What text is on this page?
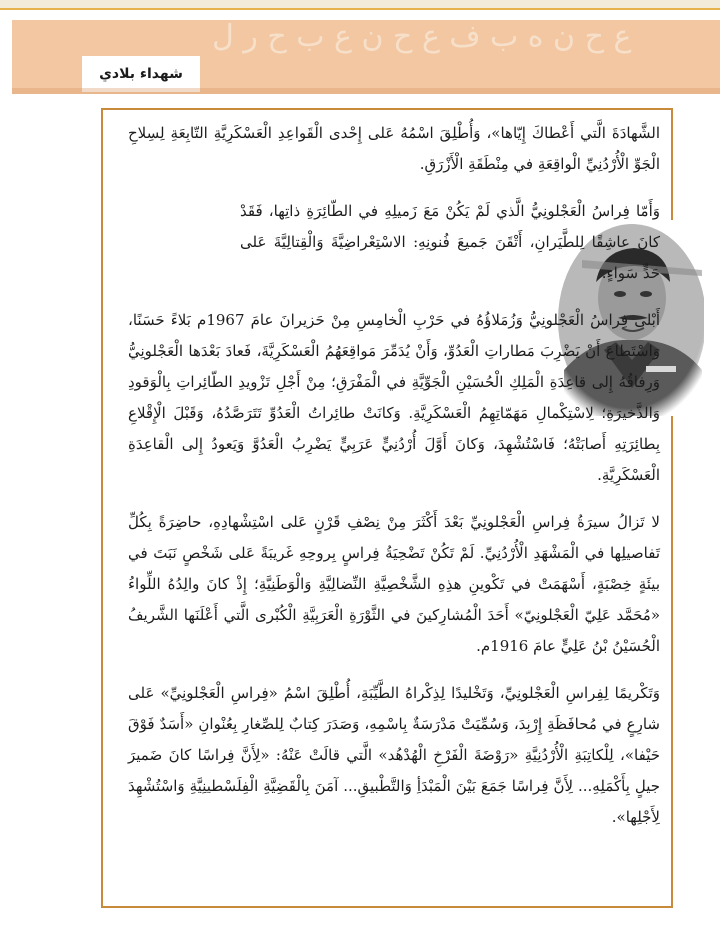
ع ح ن ه ب ف ع ح ن ع ب ح ر ل
شهداء بلادي

الشَّهادَةَ الَّتي أَعْطاكَ إِيّاها»، وَأُطْلِقَ اسْمُهُ عَلى إِحْدى الْقَواعِدِ الْعَسْكَرِيَّةِ التّابِعَةِ لِسِلاحِ الْجَوِّ الْأُرْدُنِيِّ الْواقِعَةِ في مِنْطَقَةِ الْأَزْرَقِ.

وَأَمّا فِراسُ الْعَجْلونِيُّ الَّذي لَمْ يَكُنْ مَعَ زَميلِهِ في الطّائِرَةِ ذاتِها، فَقَدْ كانَ عاشِقًا لِلطَّيَرانِ، أَتْقَنَ جَميعَ فُنونِهِ: الاسْتِعْراضِيَّةَ وَالْقِتالِيَّةَ عَلى حَدٍّ سَواءٍ.

أَبْلى فِراسُ الْعَجْلونِيُّ وَزُمَلاؤُهُ في حَرْبِ الْخامِسِ مِنْ حَزيرانَ عامَ 1967م بَلاءً حَسَنًا، وَاسْتَطاعَ أَنْ يَضْرِبَ مَطاراتِ الْعَدُوِّ، وَأَنْ يُدَمِّرَ مَواقِعَهُمُ الْعَسْكَرِيَّةَ، فَعادَ بَعْدَها الْعَجْلونِيُّ وَرِفاقُهُ إِلى قاعِدَةِ الْمَلِكِ الْحُسَيْنِ الْجَوِّيَّةِ في الْمَفْرَقِ؛ مِنْ أَجْلِ تَزْويدِ الطّائِراتِ بِالْوَقودِ وَالذَّخيرَةِ؛ لِاسْتِكْمالِ مَهَمّاتِهِمُ الْعَسْكَرِيَّةِ. وَكانَتْ طائِراتُ الْعَدُوِّ تَتَرَصَّدُهُ، وَقَبْلَ الْإِقْلاعِ بِطائِرَتِهِ أَصابَتْهُ؛ فَاسْتُشْهِدَ، وَكانَ أَوَّلَ أُرْدُنِيٍّ عَرَبِيٍّ يَضْرِبُ الْعَدُوَّ وَيَعودُ إِلى الْقاعِدَةِ الْعَسْكَرِيَّةِ.

لا تَزالُ سيرَةُ فِراسِ الْعَجْلونِيِّ بَعْدَ أَكْثَرَ مِنْ نِصْفِ قَرْنٍ عَلى اسْتِشْهادِهِ، حاضِرَةً بِكُلِّ تَفاصيلِها في الْمَشْهَدِ الْأُرْدُنِيِّ. لَمْ تَكُنْ تَضْحِيَةُ فِراسٍ بِروحِهِ غَريبَةً عَلى شَخْصٍ نَبَتَ في بيئَةٍ خِصْبَةٍ، أَسْهَمَتْ في تَكْوينِ هذِهِ الشَّخْصِيَّةِ النِّضالِيَّةِ وَالْوَطَنِيَّةِ؛ إِذْ كانَ والِدُهُ اللِّواءُ «مُحَمَّد عَلِيّ الْعَجْلونِيّ» أَحَدَ الْمُشارِكينَ في الثَّوْرَةِ الْعَرَبِيَّةِ الْكُبْرى الَّتي أَعْلَنَها الشَّريفُ الْحُسَيْنُ بْنُ عَلِيٍّ عامَ 1916م.

وَتَكْريمًا لِفِراسِ الْعَجْلونِيِّ، وَتَخْليدًا لِذِكْراهُ الطَّيِّبَةِ، أُطْلِقَ اسْمُ «فِراسِ الْعَجْلونِيِّ» عَلى شارِعٍ في مُحافَظَةِ إِرْبِدَ، وَسُمِّيَتْ مَدْرَسَةٌ بِاسْمِهِ، وَصَدَرَ كِتابٌ لِلصِّغارِ بِعُنْوانِ «أَسَدٌ فَوْقَ حَيْفا»، لِلْكاتِبَةِ الْأُرْدُنِيَّةِ «رَوْضَةَ الْفَرْخِ الْهُدْهُد» الَّتي قالَتْ عَنْهُ: «لِأَنَّ فِراسًا كانَ ضَميرَ جيلٍ بِأَكْمَلِهِ... لِأَنَّ فِراسًا جَمَعَ بَيْنَ الْمَبْدَأِ وَالتَّطْبيقِ... آمَنَ بِالْقَضِيَّةِ الْفِلَسْطينِيَّةِ وَاسْتُشْهِدَ لِأَجْلِها».
